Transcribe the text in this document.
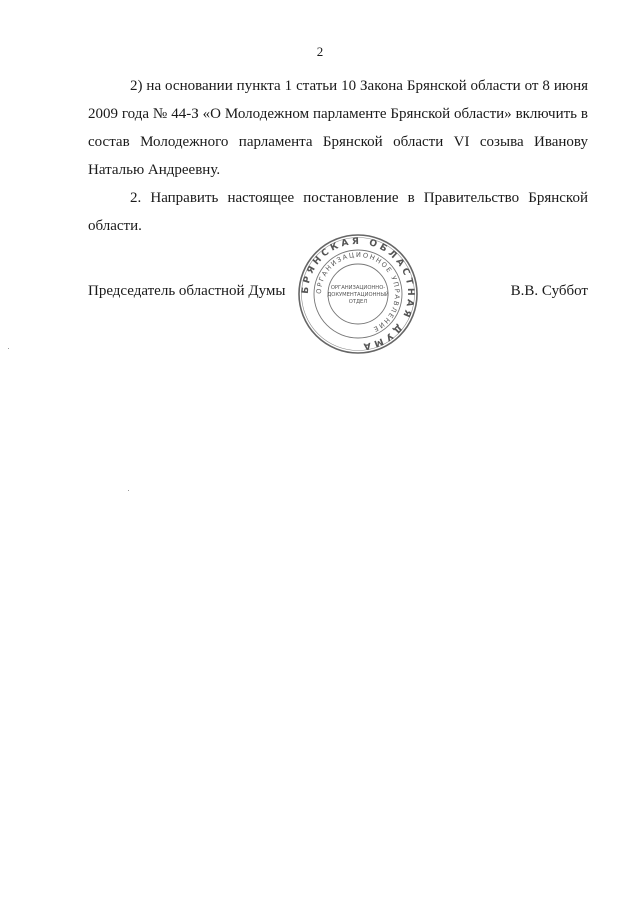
2

2) на основании пункта 1 статьи 10 Закона Брянской области от 8 июня 2009 года № 44-З «О Молодежном парламенте Брянской области» включить в состав Молодежного парламента Брянской области VI созыва Иванову Наталью Андреевну.

2. Направить настоящее постановление в Правительство Брянской области.

Председатель областной Думы	В.В. Суббот
БРЯНСКАЯ ОБЛАСТНАЯ ДУМА
ОРГАНИЗАЦИОННОЕ УПРАВЛЕНИЕ
ОРГАНИЗАЦИОННО-
ДОКУМЕНТАЦИОННЫЙ
ОТДЕЛ
